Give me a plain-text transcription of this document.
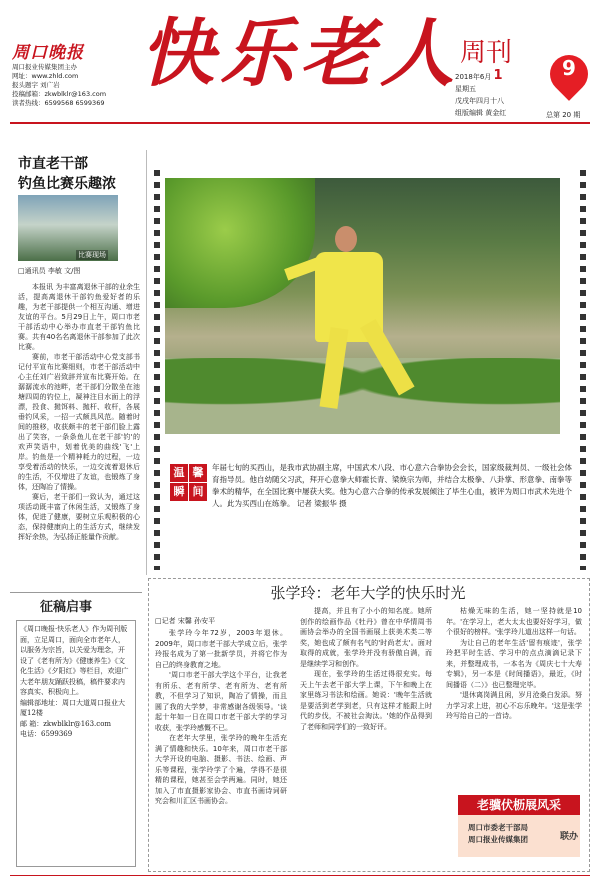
周口晚报
周口报业传媒集团主办
网址：www.zhld.com
报头题字 刘广岩
投稿邮箱：zkwblklr@163.com
读者热线：6599568 6599369
快乐老人 周刊	9
2018年6月 1
星期五
戊戌年四月十八
组版编辑 黄金红	总第 20 期
市直老干部
钓鱼比赛乐趣浓
比赛现场
□通讯员 李敏 文/图

本报讯 为丰富离退休干部的业余生活，提高离退休干部钓鱼爱好者的乐趣，为老干部提供一个相互沟通、增进友谊的平台。5月29日上午，周口市老干部活动中心举办市直老干部钓鱼比赛。共有40名名离退休干部参加了此次比赛。

赛前，市老干部活动中心党支部书记付平宣布比赛细则，市老干部活动中心主任刘广岩致辞并宣布比赛开始。在潺潺流水的池畔，老干部们分散坐在池塘四周的钓位上，凝神注目水面上的浮漂，投食、拋饵料、抛杆、收杆，各展垂钓风采，一招一式颇具风范。随着时间的推移，收获颇丰的老干部们脸上露出了笑容，一条条鱼儿在老干部'钓'的欢声笑语中，划着优美的曲线'飞'上岸。钓鱼是一个精神耗力的过程，一边享受着活动的快乐，一边交流着退休后的生活，不仅增进了友谊，也锻炼了身体，还陶冶了情操。

赛后，老干部们一致认为，通过这项活动既丰富了休闲生活，又锻炼了身体，促进了健康，要树立乐观积极的心态，保持健康向上的生活方式，继续发挥好余热，为弘扬正能量作贡献。

温 馨
瞬 间
年届七旬的买西山，是我市武协副主席，中国武术八段、市心意六合拳协会会长，国家级裁判员、一级社会体育指导员。他自幼随父习武，拜开心意拳大师霍长青、梁焕宗为师，并结合太极拳、八卦掌、形意拳、南拳等拳术的精华，在全国比赛中屡获大奖。他为心意六合拳的传承发展倾注了毕生心血，被评为周口市武术先进个人。此为买西山在练拳。 记者 梁振华 摄
征稿启事

《周口晚报·快乐老人》作为周刊版面，立足周口，面向全市老年人，以服务为宗旨，以关爱为理念，开设了《老有所为》《健康养生》《文化生活》《夕阳红》等栏目，欢迎广大老年朋友踊跃投稿，稿件要求内容真实、积极向上。

编辑部地址：周口大道周口报业大厦12楼

邮 箱：zkwblklr@163.com

电话：6599369

张学玲：老年大学的快乐时光
□记者 宋馨 孙安平

张学玲今年72岁，2003年退休。2009年，周口市老干部大学成立后，张学玲报名成为了第一批新学员，并将它作为自己的终身教育之地。

'周口市老干部大学这个平台，让我老有所乐、老有所学、老有所为、老有所教，不但学习了知识，陶冶了情操，而且圆了我的大学梦，非常感谢各级领导。'谈起十年如一日在周口市老干部大学的学习收获，张学玲感慨不已。

在老年大学里，张学玲的晚年生活充满了情趣和快乐。10年来，周口市老干部大学开设的电脑、摄影、书法、绘画、声乐等课程，张学玲学了个遍，学得不是很精的课程，她甚至会学两遍。同时，她还加入了市直摄影家协会、市直书画诗词研究会和川汇区书画协会。

提高，并且有了小小的知名度。她所创作的绘画作品《牡丹》曾在中华情周书画协会举办的全国书画展上获美术类二等奖，她也成了颇有名气的'时尚老太'。面对取得的成就，张学玲并没有骄傲自满，而是继续学习和创作。

现在，张学玲的生活过得很充实。每天上午去老干部大学上课，下午和晚上在家里练习书法和绘画。她说：'晚年生活就是要活到老学到老，只有这样才能跟上时代的步伐，不被社会淘汰。'她的作品得到了老师和同学们的一致好评。

枯燥无味的生活，她一坚持就是10年。'在学习上，老大太太也要好好学习，做个很好的榜样。'张学玲儿道出这样一句话。

为让自己的老年生活'留有痕迹'，张学玲把平时生活、学习中的点点滴滴记录下来，并整理成书，一本名为《周庆七十大寿专辑》，另一本是《时间播语》，最近，《时间播语（二）》也已整理完毕。

'退休离岗满且闲，岁月沧桑白发添。努力学习求上进，初心不忘乐晚年。'这是张学玲写给自己的一首诗。

老骥伏枥展风采
周口市委老干部局
周口报业传媒集团	联办
